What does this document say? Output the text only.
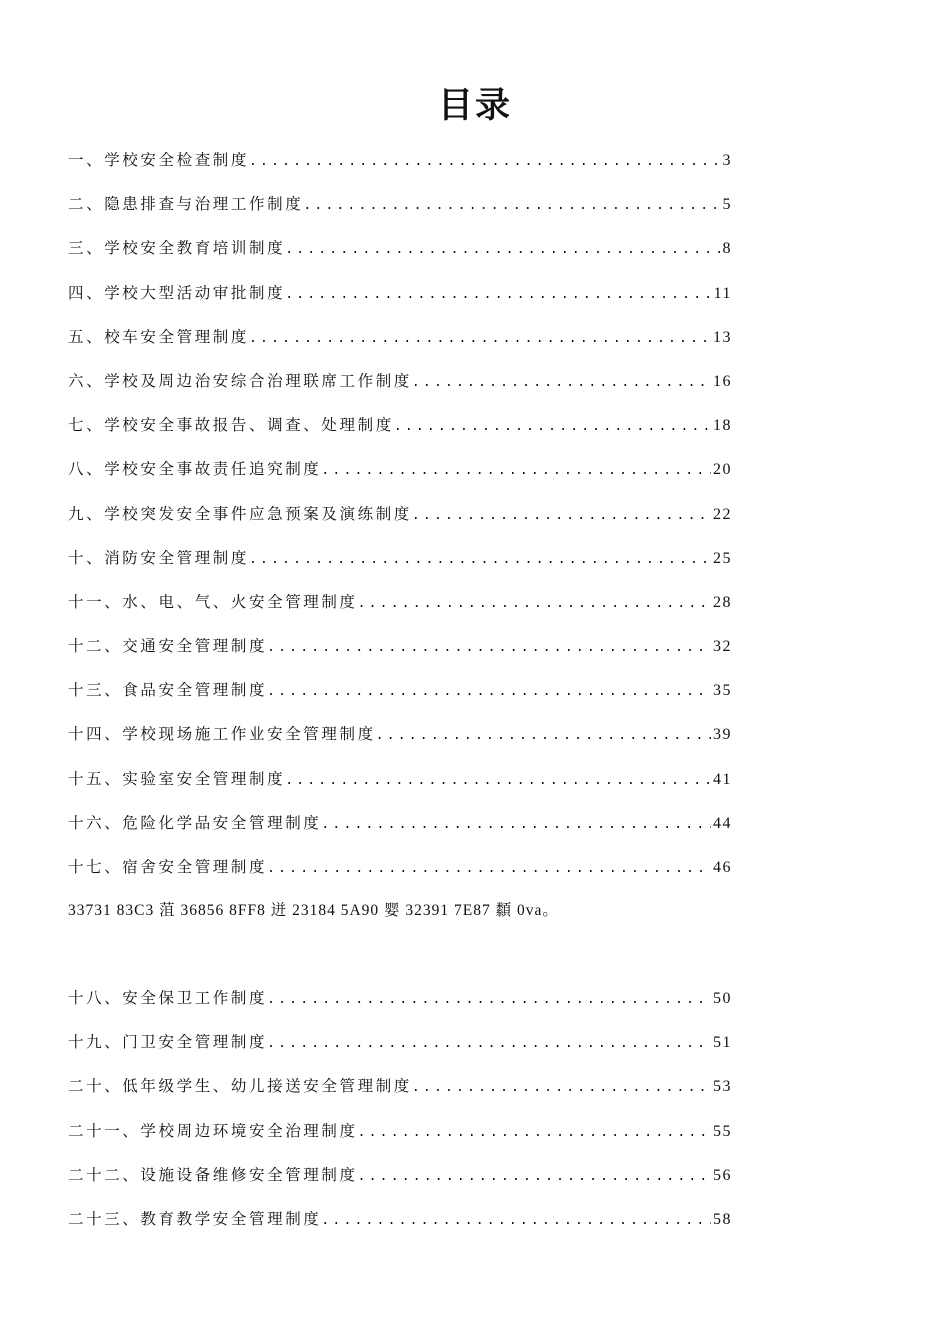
目录
一、学校安全检查制度 .....	3
二、隐患排查与治理工作制度 .....	5
三、学校安全教育培训制度 .....	8
四、学校大型活动审批制度 .....	11
五、校车安全管理制度 .....	13
六、学校及周边治安综合治理联席工作制度 .....	16
七、学校安全事故报告、调查、处理制度 .....	18
八、学校安全事故责任追究制度 .....	20
九、学校突发安全事件应急预案及演练制度 .....	22
十、消防安全管理制度 .....	25
十一、水、电、气、火安全管理制度 .....	28
十二、交通安全管理制度 .....	32
十三、食品安全管理制度 .....	35
十四、学校现场施工作业安全管理制度 .....	39
十五、实验室安全管理制度 .....	41
十六、危险化学品安全管理制度 .....	44
十七、宿舍安全管理制度 .....	46
33731 83C3 菹 36856 8FF8 迸 23184 5A90 婴 32391 7E87 纇 0va。
十八、安全保卫工作制度 .....	50
十九、门卫安全管理制度 .....	51
二十、低年级学生、幼儿接送安全管理制度 .....	53
二十一、学校周边环境安全治理制度 .....	55
二十二、设施设备维修安全管理制度 .....	56
二十三、教育教学安全管理制度 .....	58
